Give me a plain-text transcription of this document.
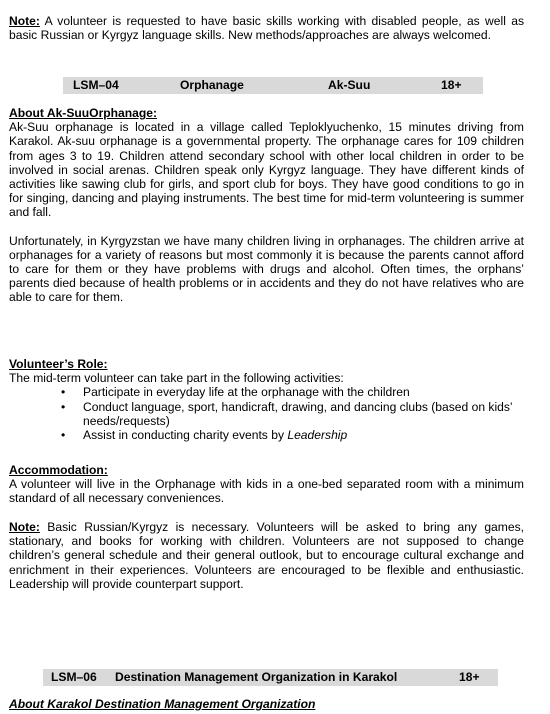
Note: A volunteer is requested to have basic skills working with disabled people, as well as basic Russian or Kyrgyz language skills. New methods/approaches are always welcomed.

LSM–04	Orphanage	Ak-Suu	18+

About Ak-SuuOrphanage:

Ak-Suu orphanage is located in a village called Teploklyuchenko, 15 minutes driving from Karakol. Ak-suu orphanage is a governmental property. The orphanage cares for 109 children from ages 3 to 19. Children attend secondary school with other local children in order to be involved in social arenas. Children speak only Kyrgyz language. They have different kinds of activities like sawing club for girls, and sport club for boys. They have good conditions to go in for singing, dancing and playing instruments. The best time for mid-term volunteering is summer and fall.

Unfortunately, in Kyrgyzstan we have many children living in orphanages. The children arrive at orphanages for a variety of reasons but most commonly it is because the parents cannot afford to care for them or they have problems with drugs and alcohol. Often times, the orphans’ parents died because of health problems or in accidents and they do not have relatives who are able to care for them.

Volunteer’s Role:

The mid-term volunteer can take part in the following activities:

• Participate in everyday life at the orphanage with the children
• Conduct language, sport, handicraft, drawing, and dancing clubs (based on kids’ needs/requests)
• Assist in conducting charity events by Leadership

Accommodation:

A volunteer will live in the Orphanage with kids in a one-bed separated room with a minimum standard of all necessary conveniences.

Note: Basic Russian/Kyrgyz is necessary. Volunteers will be asked to bring any games, stationary, and books for working with children. Volunteers are not supposed to change children’s general schedule and their general outlook, but to encourage cultural exchange and enrichment in their experiences. Volunteers are encouraged to be flexible and enthusiastic. Leadership will provide counterpart support.

LSM–06 Destination Management Organization in Karakol	18+

About Karakol Destination Management Organization
